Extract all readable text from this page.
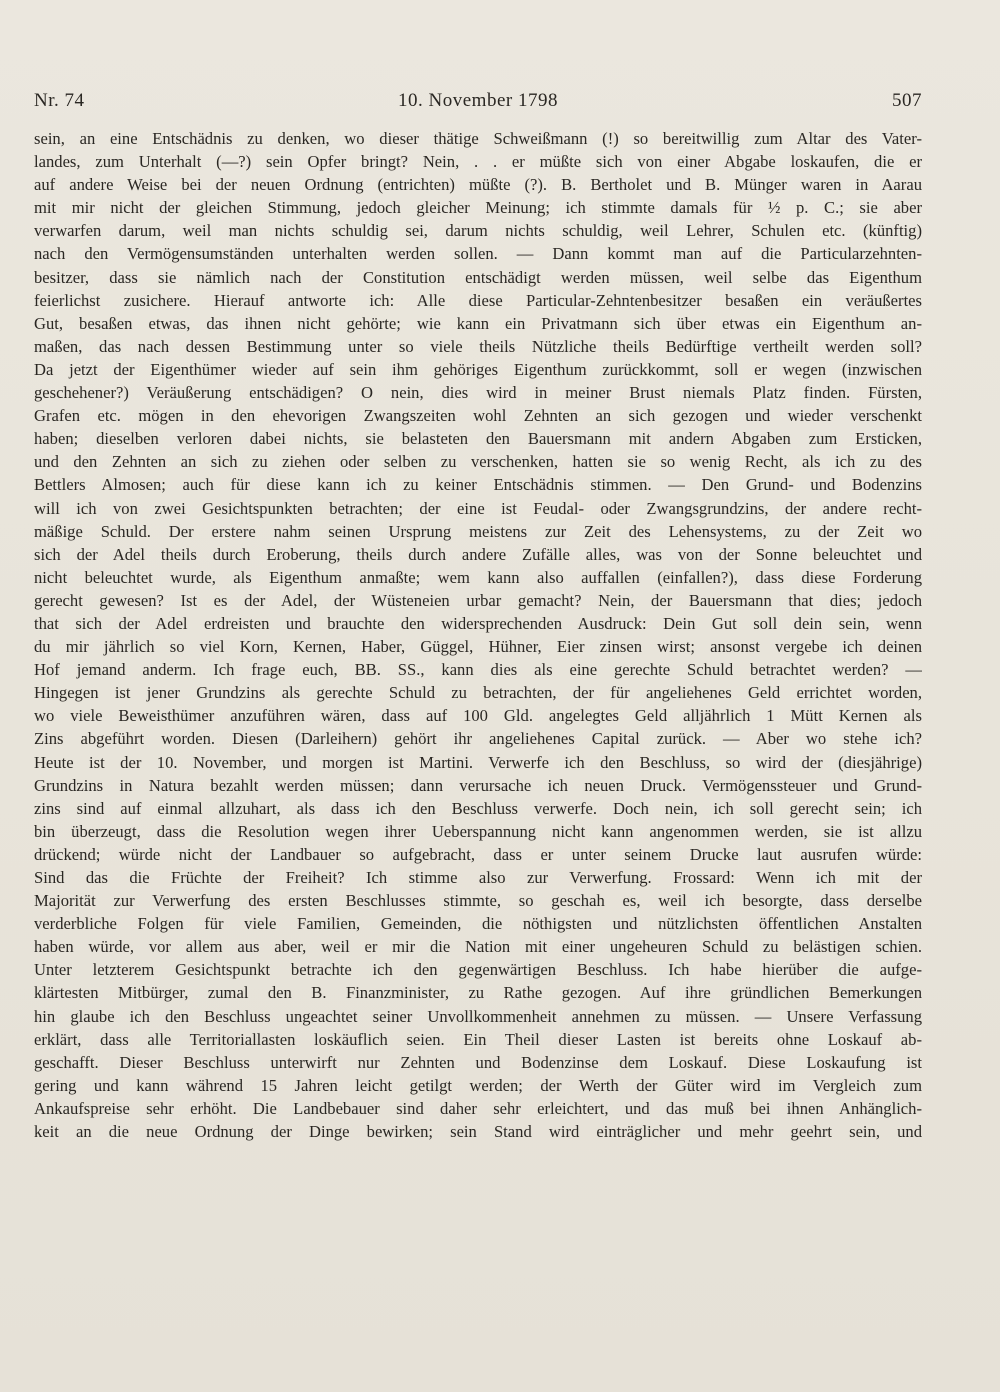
Nr. 74	10. November 1798	507
sein, an eine Entschädnis zu denken, wo dieser thätige Schweißmann (!) so bereitwillig zum Altar des Vater-
landes, zum Unterhalt (—?) sein Opfer bringt? Nein, . . er müßte sich von einer Abgabe loskaufen, die er
auf andere Weise bei der neuen Ordnung (entrichten) müßte (?). B. Bertholet und B. Münger waren in Aarau
mit mir nicht der gleichen Stimmung, jedoch gleicher Meinung; ich stimmte damals für ½ p. C.; sie aber
verwarfen darum, weil man nichts schuldig sei, darum nichts schuldig, weil Lehrer, Schulen etc. (künftig)
nach den Vermögensumständen unterhalten werden sollen. — Dann kommt man auf die Particularzehnten-
besitzer, dass sie nämlich nach der Constitution entschädigt werden müssen, weil selbe das Eigenthum
feierlichst zusichere. Hierauf antworte ich: Alle diese Particular-Zehntenbesitzer besaßen ein veräußertes
Gut, besaßen etwas, das ihnen nicht gehörte; wie kann ein Privatmann sich über etwas ein Eigenthum an-
maßen, das nach dessen Bestimmung unter so viele theils Nützliche theils Bedürftige vertheilt werden soll?
Da jetzt der Eigenthümer wieder auf sein ihm gehöriges Eigenthum zurückkommt, soll er wegen (inzwischen
geschehener?) Veräußerung entschädigen? O nein, dies wird in meiner Brust niemals Platz finden. Fürsten,
Grafen etc. mögen in den ehevorigen Zwangszeiten wohl Zehnten an sich gezogen und wieder verschenkt
haben; dieselben verloren dabei nichts, sie belasteten den Bauersmann mit andern Abgaben zum Ersticken,
und den Zehnten an sich zu ziehen oder selben zu verschenken, hatten sie so wenig Recht, als ich zu des
Bettlers Almosen; auch für diese kann ich zu keiner Entschädnis stimmen. — Den Grund- und Bodenzins
will ich von zwei Gesichtspunkten betrachten; der eine ist Feudal- oder Zwangsgrundzins, der andere recht-
mäßige Schuld. Der erstere nahm seinen Ursprung meistens zur Zeit des Lehensystems, zu der Zeit wo
sich der Adel theils durch Eroberung, theils durch andere Zufälle alles, was von der Sonne beleuchtet und
nicht beleuchtet wurde, als Eigenthum anmaßte; wem kann also auffallen (einfallen?), dass diese Forderung
gerecht gewesen? Ist es der Adel, der Wüsteneien urbar gemacht? Nein, der Bauersmann that dies; jedoch
that sich der Adel erdreisten und brauchte den widersprechenden Ausdruck: Dein Gut soll dein sein, wenn
du mir jährlich so viel Korn, Kernen, Haber, Güggel, Hühner, Eier zinsen wirst; ansonst vergebe ich deinen
Hof jemand anderm. Ich frage euch, BB. SS., kann dies als eine gerechte Schuld betrachtet werden? —
Hingegen ist jener Grundzins als gerechte Schuld zu betrachten, der für angeliehenes Geld errichtet worden,
wo viele Beweisthümer anzuführen wären, dass auf 100 Gld. angelegtes Geld alljährlich 1 Mütt Kernen als
Zins abgeführt worden. Diesen (Darleihern) gehört ihr angeliehenes Capital zurück. — Aber wo stehe ich?
Heute ist der 10. November, und morgen ist Martini. Verwerfe ich den Beschluss, so wird der (diesjährige)
Grundzins in Natura bezahlt werden müssen; dann verursache ich neuen Druck. Vermögenssteuer und Grund-
zins sind auf einmal allzuhart, als dass ich den Beschluss verwerfe. Doch nein, ich soll gerecht sein; ich
bin überzeugt, dass die Resolution wegen ihrer Ueberspannung nicht kann angenommen werden, sie ist allzu
drückend; würde nicht der Landbauer so aufgebracht, dass er unter seinem Drucke laut ausrufen würde:
Sind das die Früchte der Freiheit? Ich stimme also zur Verwerfung. Frossard: Wenn ich mit der
Majorität zur Verwerfung des ersten Beschlusses stimmte, so geschah es, weil ich besorgte, dass derselbe
verderbliche Folgen für viele Familien, Gemeinden, die nöthigsten und nützlichsten öffentlichen Anstalten
haben würde, vor allem aus aber, weil er mir die Nation mit einer ungeheuren Schuld zu belästigen schien.
Unter letzterem Gesichtspunkt betrachte ich den gegenwärtigen Beschluss. Ich habe hierüber die aufge-
klärtesten Mitbürger, zumal den B. Finanzminister, zu Rathe gezogen. Auf ihre gründlichen Bemerkungen
hin glaube ich den Beschluss ungeachtet seiner Unvollkommenheit annehmen zu müssen. — Unsere Verfassung
erklärt, dass alle Territoriallasten loskäuflich seien. Ein Theil dieser Lasten ist bereits ohne Loskauf ab-
geschafft. Dieser Beschluss unterwirft nur Zehnten und Bodenzinse dem Loskauf. Diese Loskaufung ist
gering und kann während 15 Jahren leicht getilgt werden; der Werth der Güter wird im Vergleich zum
Ankaufspreise sehr erhöht. Die Landbebauer sind daher sehr erleichtert, und das muß bei ihnen Anhänglich-
keit an die neue Ordnung der Dinge bewirken; sein Stand wird einträglicher und mehr geehrt sein, und
